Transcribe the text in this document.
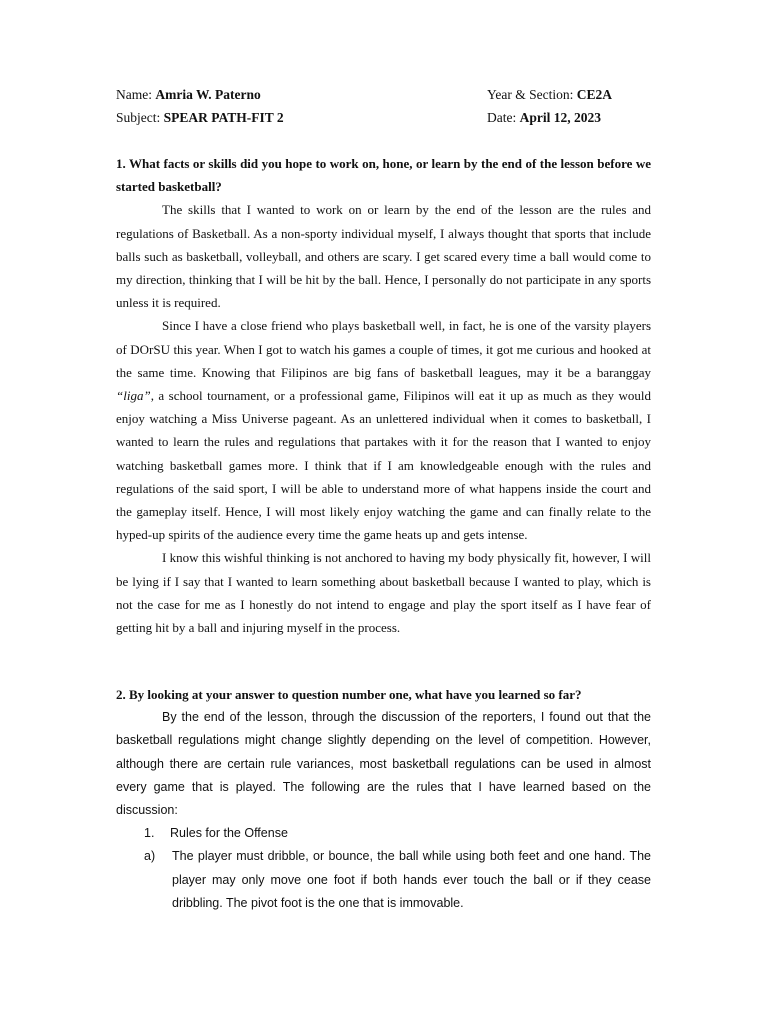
Name: Amria W. Paterno	Year & Section: CE2A
Subject: SPEAR PATH-FIT 2	Date: April 12, 2023

1. What facts or skills did you hope to work on, hone, or learn by the end of the lesson before we started basketball?

The skills that I wanted to work on or learn by the end of the lesson are the rules and regulations of Basketball. As a non-sporty individual myself, I always thought that sports that include balls such as basketball, volleyball, and others are scary. I get scared every time a ball would come to my direction, thinking that I will be hit by the ball. Hence, I personally do not participate in any sports unless it is required.

Since I have a close friend who plays basketball well, in fact, he is one of the varsity players of DOrSU this year. When I got to watch his games a couple of times, it got me curious and hooked at the same time. Knowing that Filipinos are big fans of basketball leagues, may it be a baranggay “liga”, a school tournament, or a professional game, Filipinos will eat it up as much as they would enjoy watching a Miss Universe pageant. As an unlettered individual when it comes to basketball, I wanted to learn the rules and regulations that partakes with it for the reason that I wanted to enjoy watching basketball games more. I think that if I am knowledgeable enough with the rules and regulations of the said sport, I will be able to understand more of what happens inside the court and the gameplay itself. Hence, I will most likely enjoy watching the game and can finally relate to the hyped-up spirits of the audience every time the game heats up and gets intense.

I know this wishful thinking is not anchored to having my body physically fit, however, I will be lying if I say that I wanted to learn something about basketball because I wanted to play, which is not the case for me as I honestly do not intend to engage and play the sport itself as I have fear of getting hit by a ball and injuring myself in the process.

2. By looking at your answer to question number one, what have you learned so far?

By the end of the lesson, through the discussion of the reporters, I found out that the basketball regulations might change slightly depending on the level of competition. However, although there are certain rule variances, most basketball regulations can be used in almost every game that is played. The following are the rules that I have learned based on the discussion:

1. Rules for the Offense
a) The player must dribble, or bounce, the ball while using both feet and one hand. The player may only move one foot if both hands ever touch the ball or if they cease dribbling. The pivot foot is the one that is immovable.
